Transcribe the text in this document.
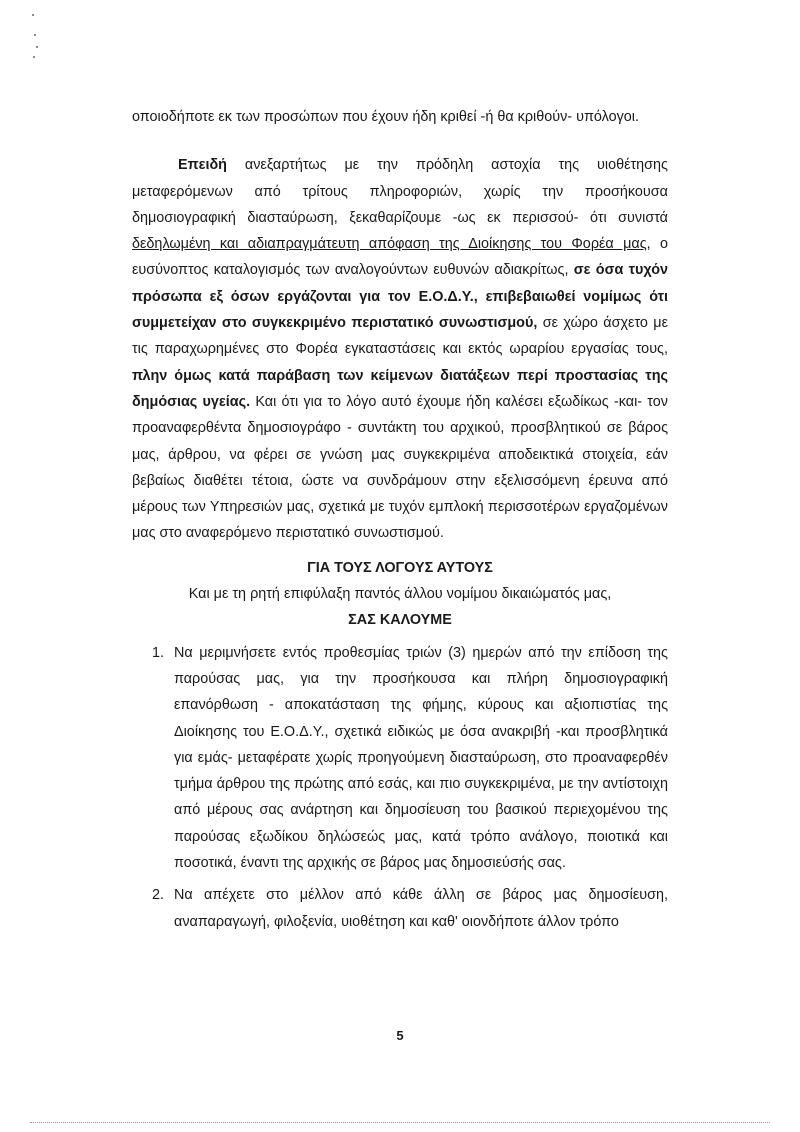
οποιοδήποτε εκ των προσώπων που έχουν ήδη κριθεί -ή θα κριθούν- υπόλογοι.

Επειδή ανεξαρτήτως με την πρόδηλη αστοχία της υιοθέτησης μεταφερόμενων από τρίτους πληροφοριών, χωρίς την προσήκουσα δημοσιογραφική διασταύρωση, ξεκαθαρίζουμε -ως εκ περισσού- ότι συνιστά δεδηλωμένη και αδιαπραγμάτευτη απόφαση της Διοίκησης του Φορέα μας, ο ευσύνοπτος καταλογισμός των αναλογούντων ευθυνών αδιακρίτως, σε όσα τυχόν πρόσωπα εξ όσων εργάζονται για τον Ε.Ο.Δ.Υ., επιβεβαιωθεί νομίμως ότι συμμετείχαν στο συγκεκριμένο περιστατικό συνωστισμού, σε χώρο άσχετο με τις παραχωρημένες στο Φορέα εγκαταστάσεις και εκτός ωραρίου εργασίας τους, πλην όμως κατά παράβαση των κείμενων διατάξεων περί προστασίας της δημόσιας υγείας. Και ότι για το λόγο αυτό έχουμε ήδη καλέσει εξωδίκως -και- τον προαναφερθέντα δημοσιογράφο - συντάκτη του αρχικού, προσβλητικού σε βάρος μας, άρθρου, να φέρει σε γνώση μας συγκεκριμένα αποδεικτικά στοιχεία, εάν βεβαίως διαθέτει τέτοια, ώστε να συνδράμουν στην εξελισσόμενη έρευνα από μέρους των Υπηρεσιών μας, σχετικά με τυχόν εμπλοκή περισσοτέρων εργαζομένων μας στο αναφερόμενο περιστατικό συνωστισμού.

ΓΙΑ ΤΟΥΣ ΛΟΓΟΥΣ ΑΥΤΟΥΣ

Και με τη ρητή επιφύλαξη παντός άλλου νομίμου δικαιώματός μας,

ΣΑΣ ΚΑΛΟΥΜΕ

1. Να μεριμνήσετε εντός προθεσμίας τριών (3) ημερών από την επίδοση της παρούσας μας, για την προσήκουσα και πλήρη δημοσιογραφική επανόρθωση - αποκατάσταση της φήμης, κύρους και αξιοπιστίας της Διοίκησης του Ε.Ο.Δ.Υ., σχετικά ειδικώς με όσα ανακριβή -και προσβλητικά για εμάς- μεταφέρατε χωρίς προηγούμενη διασταύρωση, στο προαναφερθέν τμήμα άρθρου της πρώτης από εσάς, και πιο συγκεκριμένα, με την αντίστοιχη από μέρους σας ανάρτηση και δημοσίευση του βασικού περιεχομένου της παρούσας εξωδίκου δηλώσεώς μας, κατά τρόπο ανάλογο, ποιοτικά και ποσοτικά, έναντι της αρχικής σε βάρος μας δημοσιεύσής σας.
2. Να απέχετε στο μέλλον από κάθε άλλη σε βάρος μας δημοσίευση, αναπαραγωγή, φιλοξενία, υιοθέτηση και καθ' οιονδήποτε άλλον τρόπο
5
